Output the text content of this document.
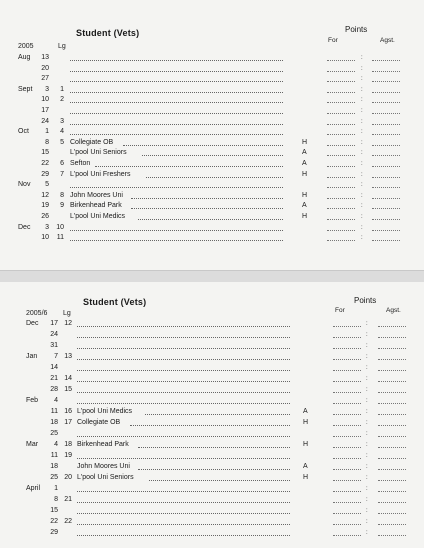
Student (Vets)	Points
For	Agst.
2005	Lg
Aug	13	:
20	:
27	:
Sept	3	1	:
10	2	:
17	:
24	3	:
Oct	1	4	:
8	5 Collegiate OB	H	:
15	L'pool Uni Seniors	A	:
22	6 Sefton	A	:
29	7 L'pool Uni Freshers	H	:
Nov	5	:
12	8 John Moores Uni	H	:
19	9 Birkenhead Park	A	:
26	L'pool Uni Medics	H	:
Dec	3	10	:
10	11	:
Student (Vets)	Points
For	Agst.
2005/6 Lg
Dec	17 12	:
24	:
31	:
Jan	7 13	:
14	:
21 14	:
28 15	:
Feb	4	:
11 16 L'pool Uni Medics	A	:
18 17 Collegiate OB	H	:
25	:
Mar	4 18 Birkenhead Park	H	:
11 19	:
18	John Moores Uni	A	:
25 20 L'pool Uni Seniors	H	:
April	1	:
8 21	:
15	:
22 22	:
29	:
